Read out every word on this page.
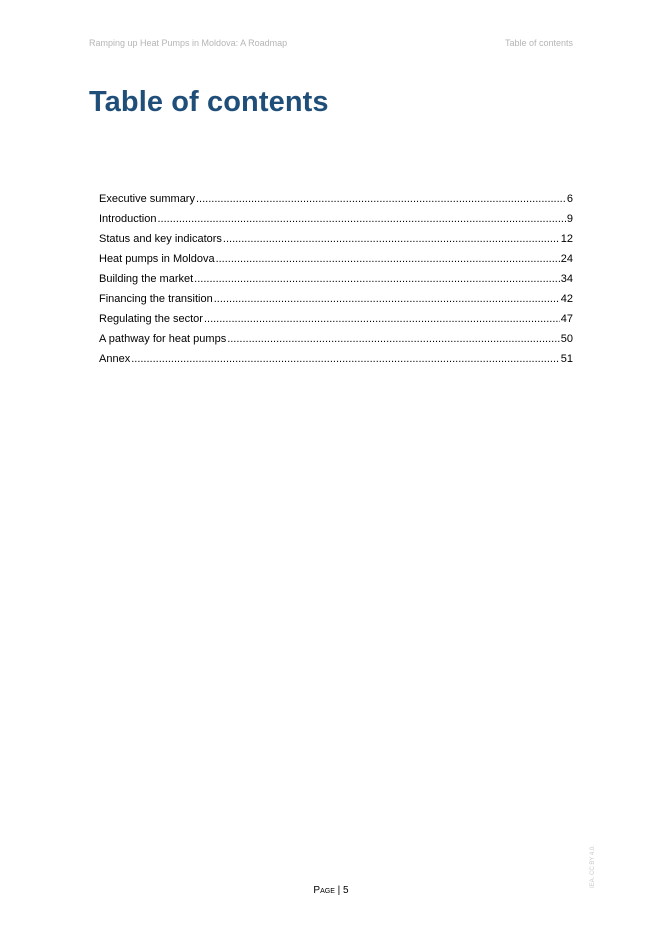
Ramping up Heat Pumps in Moldova: A Roadmap	Table of contents
Table of contents
Executive summary .....	6
Introduction .....	9
Status and key indicators .....	12
Heat pumps in Moldova .....	24
Building the market .....	34
Financing the transition .....	42
Regulating the sector .....	47
A pathway for heat pumps .....	50
Annex .....	51
IEA. CC BY 4.0.
Page | 5
